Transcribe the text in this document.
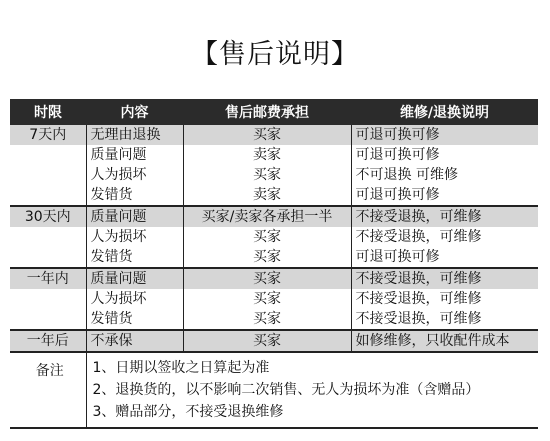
【售后说明】
时限	内容	售后邮费承担	维修/退换说明
7天内	无理由退换	买家	可退可换可修
	质量问题	卖家	可退可换可修
	人为损坏	买家	不可退换 可维修
	发错货	卖家	可退可换可修
30天内	质量问题	买家/卖家各承担一半	不接受退换，可维修
	人为损坏	买家	不接受退换，可维修
	发错货	买家	可退可换可修
一年内	质量问题	买家	不接受退换，可维修
	人为损坏	买家	不接受退换，可维修
	发错货	买家	不接受退换，可维修
一年后	不承保	买家	如修维修，只收配件成本
备注	1、日期以签收之日算起为准
2、退换货的，以不影响二次销售、无人为损坏为准（含赠品）
3、赠品部分，不接受退换维修		
